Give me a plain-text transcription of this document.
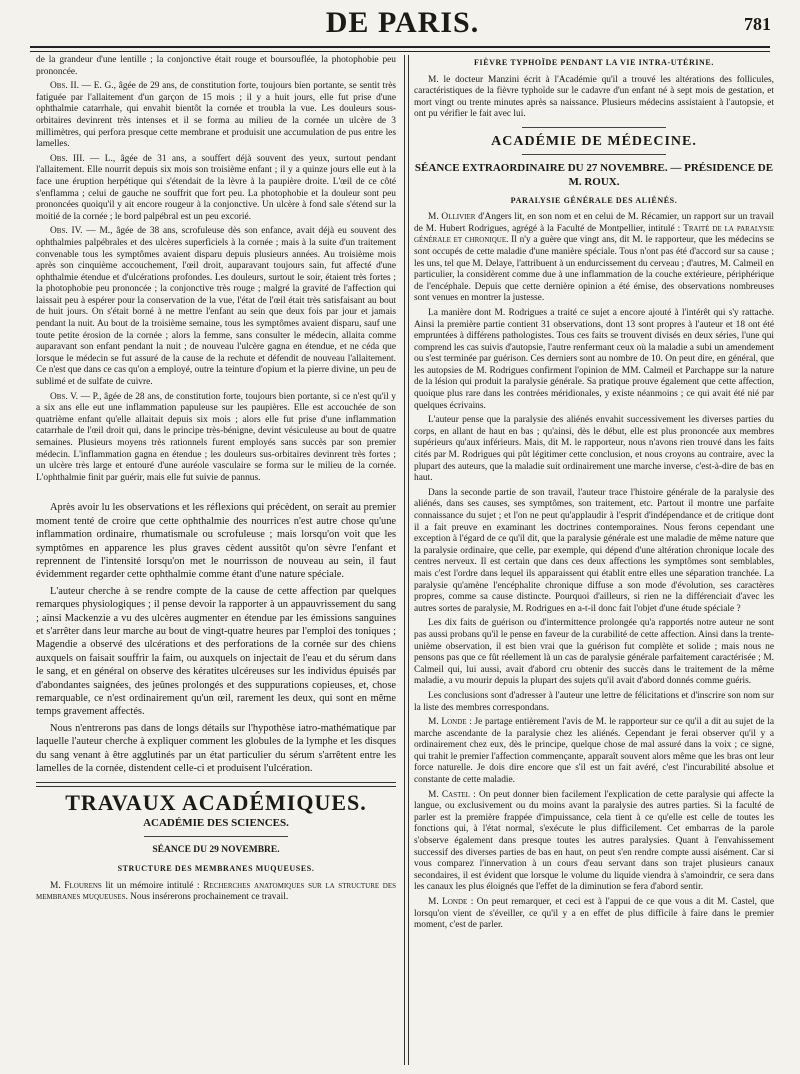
DE PARIS.	781

de la grandeur d'une lentille ; la conjonctive était rouge et boursouflée, la photophobie peu prononcée.

Obs. II. — E. G., âgée de 29 ans, de constitution forte, toujours bien portante, se sentit très fatiguée par l'allaitement d'un garçon de 15 mois ; il y a huit jours, elle fut prise d'une ophthalmie catarrhale, qui envahit bientôt la cornée et troubla la vue. Les douleurs sous-orbitaires devinrent très intenses et il se forma au milieu de la cornée un ulcère de 3 millimètres, qui perfora presque cette membrane et produisit une accumulation de pus entre les lamelles.

Obs. III. — L., âgée de 31 ans, a souffert déjà souvent des yeux, surtout pendant l'allaitement. Elle nourrit depuis six mois son troisième enfant ; il y a quinze jours elle eut à la face une éruption herpétique qui s'étendait de la lèvre à la paupière droite. L'œil de ce côté s'enflamma ; celui de gauche ne souffrit que fort peu. La photophobie et la douleur sont peu prononcées quoiqu'il y ait encore rougeur à la conjonctive. Un ulcère à fond sale s'étend sur la moitié de la cornée ; le bord palpébral est un peu excorié.

Obs. IV. — M., âgée de 38 ans, scrofuleuse dès son enfance, avait déjà eu souvent des ophthalmies palpébrales et des ulcères superficiels à la cornée ; mais à la suite d'un traitement convenable tous les symptômes avaient disparu depuis plusieurs années. Au troisième mois après son cinquième accouchement, l'œil droit, auparavant toujours sain, fut affecté d'une ophthalmie étendue et d'ulcérations profondes. Les douleurs, surtout le soir, étaient très fortes ; la photophobie peu prononcée ; la conjonctive très rouge ; malgré la gravité de l'affection qui laissait peu à espérer pour la conservation de la vue, l'état de l'œil était très satisfaisant au bout de huit jours. On s'était borné à ne mettre l'enfant au sein que deux fois par jour et jamais pendant la nuit. Au bout de la troisième semaine, tous les symptômes avaient disparu, sauf une toute petite érosion de la cornée ; alors la femme, sans consulter le médecin, allaita comme auparavant son enfant pendant la nuit ; de nouveau l'ulcère gagna en étendue, et ne céda que lorsque le médecin se fut assuré de la cause de la rechute et défendit de nouveau l'allaitement. Ce n'est que dans ce cas qu'on a employé, outre la teinture d'opium et la pierre divine, un peu de sublimé et de sulfate de cuivre.

Obs. V. — P., âgée de 28 ans, de constitution forte, toujours bien portante, si ce n'est qu'il y a six ans elle eut une inflammation papuleuse sur les paupières. Elle est accouchée de son quatrième enfant qu'elle allaitait depuis six mois ; alors elle fut prise d'une inflammation catarrhale de l'œil droit qui, dans le principe très-bénigne, devint vésiculeuse au bout de quatre semaines. Plusieurs moyens très rationnels furent employés sans succès par son premier médecin. L'inflammation gagna en étendue ; les douleurs sus-orbitaires devinrent très fortes ; un ulcère très large et entouré d'une auréole vasculaire se forma sur le milieu de la cornée. L'ophthalmie finit par guérir, mais elle fut suivie de pannus.

Après avoir lu les observations et les réflexions qui précèdent, on serait au premier moment tenté de croire que cette ophthalmie des nourrices n'est autre chose qu'une inflammation ordinaire, rhumatismale ou scrofuleuse ; mais lorsqu'on voit que les symptômes en apparence les plus graves cèdent aussitôt qu'on sèvre l'enfant et reprennent de l'intensité lorsqu'on met le nourrisson de nouveau au sein, il faut évidemment regarder cette ophthalmie comme étant d'une nature spéciale.

L'auteur cherche à se rendre compte de la cause de cette affection par quelques remarques physiologiques ; il pense devoir la rapporter à un appauvrissement du sang ; ainsi Mackenzie a vu des ulcères augmenter en étendue par les émissions sanguines et s'arrêter dans leur marche au bout de vingt-quatre heures par l'emploi des toniques ; Magendie a observé des ulcérations et des perforations de la cornée sur des chiens auxquels on faisait souffrir la faim, ou auxquels on injectait de l'eau et du sérum dans le sang, et en général on observe des kératites ulcéreuses sur les individus épuisés par d'abondantes saignées, des jeûnes prolongés et des suppurations copieuses, et, chose remarquable, ce n'est ordinairement qu'un œil, rarement les deux, qui sont en même temps gravement affectés.

Nous n'entrerons pas dans de longs détails sur l'hypothèse iatro-mathématique par laquelle l'auteur cherche à expliquer comment les globules de la lymphe et les disques du sang venant à être agglutinés par un état particulier du sérum s'arrêtent entre les lamelles de la cornée, distendent celle-ci et produisent l'ulcération.

TRAVAUX ACADÉMIQUES.
ACADÉMIE DES SCIENCES.
SÉANCE DU 29 NOVEMBRE.
STRUCTURE DES MEMBRANES MUQUEUSES.

M. Flourens lit un mémoire intitulé : Recherches anatomiques sur la structure des membranes muqueuses. Nous insérerons prochainement ce travail.

FIÈVRE TYPHOÏDE PENDANT LA VIE INTRA-UTÉRINE.

M. le docteur Manzini écrit à l'Académie qu'il a trouvé les altérations des follicules, caractéristiques de la fièvre typhoïde sur le cadavre d'un enfant né à sept mois de gestation, et mort vingt ou trente minutes après sa naissance. Plusieurs médecins assistaient à l'autopsie, et ont pu vérifier le fait avec lui.

ACADÉMIE DE MÉDECINE.
SÉANCE EXTRAORDINAIRE DU 27 NOVEMBRE. — PRÉSIDENCE DE M. ROUX.
PARALYSIE GÉNÉRALE DES ALIÉNÉS.

M. Ollivier d'Angers lit, en son nom et en celui de M. Récamier, un rapport sur un travail de M. Hubert Rodrigues, agrégé à la Faculté de Montpellier, intitulé : Traité de la paralysie générale et chronique. Il n'y a guère que vingt ans, dit M. le rapporteur, que les médecins se sont occupés de cette maladie d'une manière spéciale. Tous n'ont pas été d'accord sur sa cause ; les uns, tel que M. Delaye, l'attribuent à un endurcissement du cerveau ; d'autres, M. Calmeil en particulier, la considèrent comme due à une inflammation de la couche extérieure, périphérique de l'encéphale. Depuis que cette dernière opinion a été émise, des observations nombreuses sont venues en montrer la justesse.

La manière dont M. Rodrigues a traité ce sujet a encore ajouté à l'intérêt qui s'y rattache. Ainsi la première partie contient 31 observations, dont 13 sont propres à l'auteur et 18 ont été empruntées à différens pathologistes. Tous ces faits se trouvent divisés en deux séries, l'une qui comprend les cas suivis d'autopsie, l'autre renfermant ceux où la maladie a subi un amendement ou s'est terminée par guérison. Ces derniers sont au nombre de 10. On peut dire, en général, que les autopsies de M. Rodrigues confirment l'opinion de MM. Calmeil et Parchappe sur la nature de la lésion qui produit la paralysie générale. Sa pratique prouve également que cette affection, quoique plus rare dans les contrées méridionales, y existe néanmoins ; ce qui avait été nié par quelques écrivains.

L'auteur pense que la paralysie des aliénés envahit successivement les diverses parties du corps, en allant de haut en bas ; qu'ainsi, dès le début, elle est plus prononcée aux membres supérieurs qu'aux inférieurs. Mais, dit M. le rapporteur, nous n'avons rien trouvé dans les faits cités par M. Rodrigues qui pût légitimer cette conclusion, et nous croyons au contraire, avec la plupart des auteurs, que la maladie suit ordinairement une marche inverse, c'est-à-dire de bas en haut.

Dans la seconde partie de son travail, l'auteur trace l'histoire générale de la paralysie des aliénés, dans ses causes, ses symptômes, son traitement, etc. Partout il montre une parfaite connaissance du sujet ; et l'on ne peut qu'applaudir à l'esprit d'indépendance et de critique dont il a fait preuve en examinant les doctrines contemporaines. Nous ferons cependant une exception à l'égard de ce qu'il dit, que la paralysie générale est une maladie de même nature que la paralysie ordinaire, que celle, par exemple, qui dépend d'une altération chronique locale des centres nerveux. Il est certain que dans ces deux affections les symptômes sont semblables, mais c'est l'ordre dans lequel ils apparaissent qui établit entre elles une séparation tranchée. La paralysie qu'amène l'encéphalite chronique diffuse a son mode d'évolution, ses caractères propres, comme sa cause distincte. Pourquoi d'ailleurs, si rien ne la différenciait d'avec les autres sortes de paralysie, M. Rodrigues en a-t-il donc fait l'objet d'une étude spéciale ?

Les dix faits de guérison ou d'intermittence prolongée qu'a rapportés notre auteur ne sont pas aussi probans qu'il le pense en faveur de la curabilité de cette affection. Ainsi dans la trente-unième observation, il est bien vrai que la guérison fut complète et solide ; mais nous ne pensons pas que ce fût réellement là un cas de paralysie générale parfaitement caractérisée ; M. Calmeil qui, lui aussi, avait d'abord cru obtenir des succès dans le traitement de la même maladie, a vu mourir depuis la plupart des sujets qu'il avait d'abord donnés comme guéris.

Les conclusions sont d'adresser à l'auteur une lettre de félicitations et d'inscrire son nom sur la liste des membres correspondans.

M. Londe : Je partage entièrement l'avis de M. le rapporteur sur ce qu'il a dit au sujet de la marche ascendante de la paralysie chez les aliénés. Cependant je ferai observer qu'il y a ordinairement chez eux, dès le principe, quelque chose de mal assuré dans la voix ; ce signe, qui trahit le premier l'affection commençante, apparaît souvent alors même que les bras ont leur force naturelle. Je dois dire encore que s'il est un fait avéré, c'est l'incurabilité absolue et constante de cette maladie.

M. Castel : On peut donner bien facilement l'explication de cette paralysie qui affecte la langue, ou exclusivement ou du moins avant la paralysie des autres parties. Si la faculté de parler est la première frappée d'impuissance, cela tient à ce qu'elle est celle de toutes les fonctions qui, à l'état normal, s'exécute le plus difficilement. Cet embarras de la parole s'observe également dans presque toutes les autres paralysies. Quant à l'envahissement successif des diverses parties de bas en haut, on peut s'en rendre compte aussi aisément. Car si vous comparez l'innervation à un cours d'eau servant dans son trajet plusieurs canaux secondaires, il est évident que lorsque le volume du liquide viendra à s'amoindrir, ce sera dans les canaux les plus éloignés que l'effet de la diminution se fera d'abord sentir.

M. Londe : On peut remarquer, et ceci est à l'appui de ce que vous a dit M. Castel, que lorsqu'on vient de s'éveiller, ce qu'il y a en effet de plus difficile à faire dans le premier moment, c'est de parler.
